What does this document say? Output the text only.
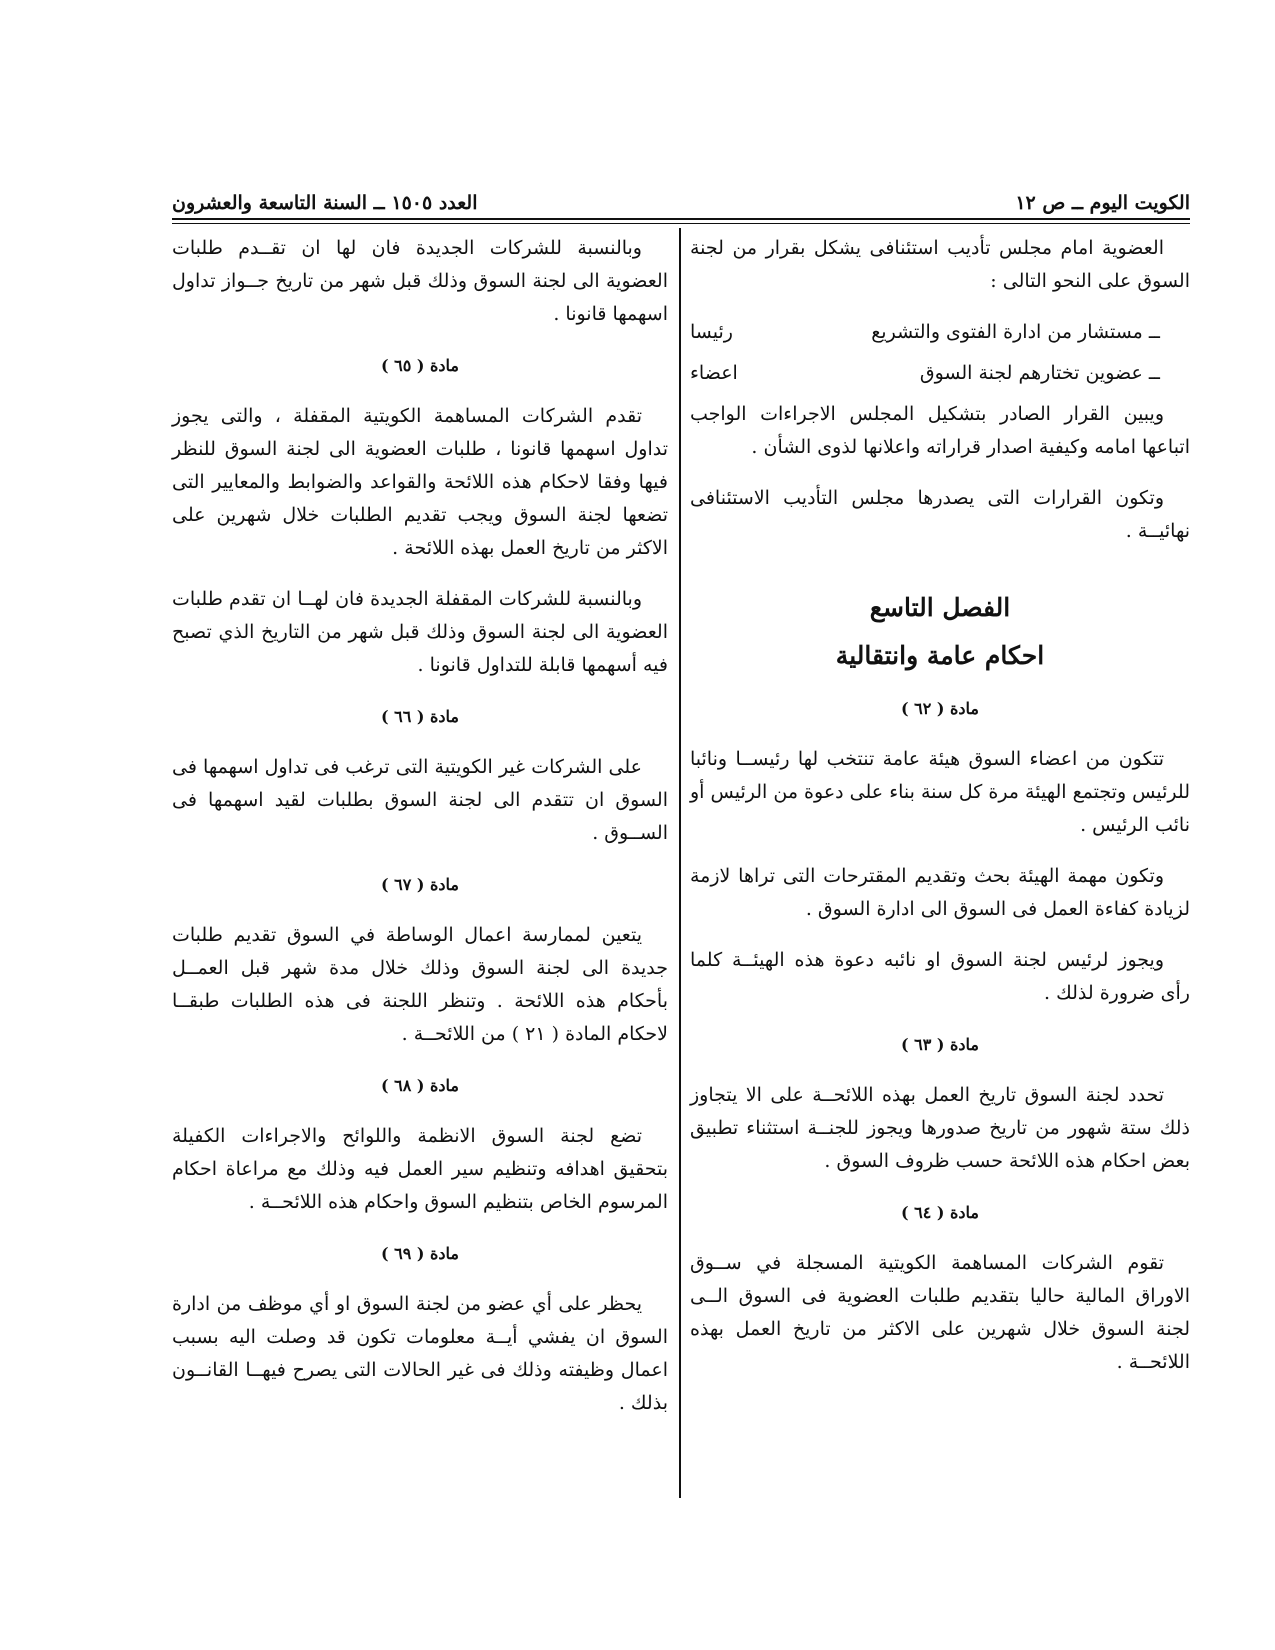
الكويت اليوم ــ ص ١٢
العدد ١٥٠٥ ــ السنة التاسعة والعشرون

العضوية امام مجلس تأديب استئنافى يشكل بقرار من لجنة السوق على النحو التالى :

ــ مستشار من ادارة الفتوى والتشريع
رئيسا
ــ عضوين تختارهم لجنة السوق
اعضاء

ويبين القرار الصادر بتشكيل المجلس الاجراءات الواجب اتباعها امامه وكيفية اصدار قراراته واعلانها لذوى الشأن .

وتكون القرارات التى يصدرها مجلس التأديب الاستئنافى نهائيــة .

الفصل التاسع
احكام عامة وانتقالية
مادة ( ٦٢ )

تتكون من اعضاء السوق هيئة عامة تنتخب لها رئيســا ونائبا للرئيس وتجتمع الهيئة مرة كل سنة بناء على دعوة من الرئيس أو نائب الرئيس .

وتكون مهمة الهيئة بحث وتقديم المقترحات التى تراها لازمة لزيادة كفاءة العمل فى السوق الى ادارة السوق .

ويجوز لرئيس لجنة السوق او نائبه دعوة هذه الهيئــة كلما رأى ضرورة لذلك .

مادة ( ٦٣ )

تحدد لجنة السوق تاريخ العمل بهذه اللائحــة على الا يتجاوز ذلك ستة شهور من تاريخ صدورها ويجوز للجنــة استثناء تطبيق بعض احكام هذه اللائحة حسب ظروف السوق .

مادة ( ٦٤ )

تقوم الشركات المساهمة الكويتية المسجلة في ســوق الاوراق المالية حاليا بتقديم طلبات العضوية فى السوق الــى لجنة السوق خلال شهرين على الاكثر من تاريخ العمل بهذه اللائحــة .

وبالنسبة للشركات الجديدة فان لها ان تقــدم طلبات العضوية الى لجنة السوق وذلك قبل شهر من تاريخ جــواز تداول اسهمها قانونا .

مادة ( ٦٥ )

تقدم الشركات المساهمة الكويتية المقفلة ، والتى يجوز تداول اسهمها قانونا ، طلبات العضوية الى لجنة السوق للنظر فيها وفقا لاحكام هذه اللائحة والقواعد والضوابط والمعايير التى تضعها لجنة السوق ويجب تقديم الطلبات خلال شهرين على الاكثر من تاريخ العمل بهذه اللائحة .

وبالنسبة للشركات المقفلة الجديدة فان لهــا ان تقدم طلبات العضوية الى لجنة السوق وذلك قبل شهر من التاريخ الذي تصبح فيه أسهمها قابلة للتداول قانونا .

مادة ( ٦٦ )

على الشركات غير الكويتية التى ترغب فى تداول اسهمها فى السوق ان تتقدم الى لجنة السوق بطلبات لقيد اسهمها فى الســوق .

مادة ( ٦٧ )

يتعين لممارسة اعمال الوساطة في السوق تقديم طلبات جديدة الى لجنة السوق وذلك خلال مدة شهر قبل العمــل بأحكام هذه اللائحة . وتنظر اللجنة فى هذه الطلبات طبقــا لاحكام المادة ( ٢١ ) من اللائحــة .

مادة ( ٦٨ )

تضع لجنة السوق الانظمة واللوائح والاجراءات الكفيلة بتحقيق اهدافه وتنظيم سير العمل فيه وذلك مع مراعاة احكام المرسوم الخاص بتنظيم السوق واحكام هذه اللائحــة .

مادة ( ٦٩ )

يحظر على أي عضو من لجنة السوق او أي موظف من ادارة السوق ان يفشي أيــة معلومات تكون قد وصلت اليه بسبب اعمال وظيفته وذلك فى غير الحالات التى يصرح فيهــا القانــون بذلك .
